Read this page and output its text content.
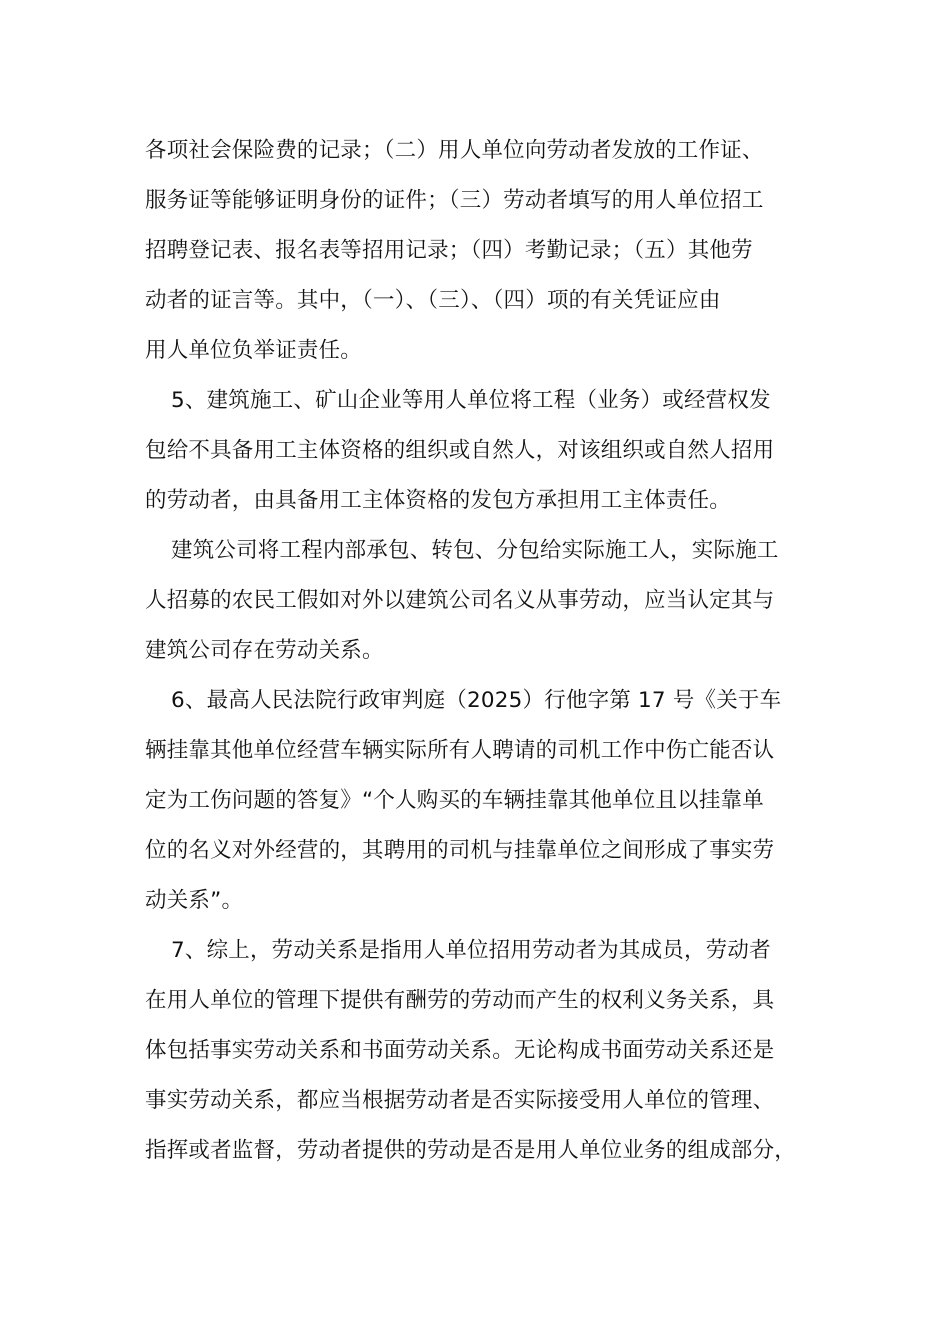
各项社会保险费的记录；（二）用人单位向劳动者发放的工作证、

服务证等能够证明身份的证件；（三）劳动者填写的用人单位招工

招聘登记表、报名表等招用记录；（四）考勤记录；（五）其他劳

动者的证言等。其中，（一）、（三）、（四）项的有关凭证应由

用人单位负举证责任。

5、建筑施工、矿山企业等用人单位将工程（业务）或经营权发

包给不具备用工主体资格的组织或自然人，对该组织或自然人招用

的劳动者，由具备用工主体资格的发包方承担用工主体责任。

建筑公司将工程内部承包、转包、分包给实际施工人，实际施工

人招募的农民工假如对外以建筑公司名义从事劳动，应当认定其与

建筑公司存在劳动关系。

6、最高人民法院行政审判庭（2025）行他字第 17 号《关于车

辆挂靠其他单位经营车辆实际所有人聘请的司机工作中伤亡能否认

定为工伤问题的答复》“个人购买的车辆挂靠其他单位且以挂靠单

位的名义对外经营的，其聘用的司机与挂靠单位之间形成了事实劳

动关系”。

7、综上，劳动关系是指用人单位招用劳动者为其成员，劳动者

在用人单位的管理下提供有酬劳的劳动而产生的权利义务关系，具

体包括事实劳动关系和书面劳动关系。无论构成书面劳动关系还是

事实劳动关系，都应当根据劳动者是否实际接受用人单位的管理、

指挥或者监督，劳动者提供的劳动是否是用人单位业务的组成部分，
